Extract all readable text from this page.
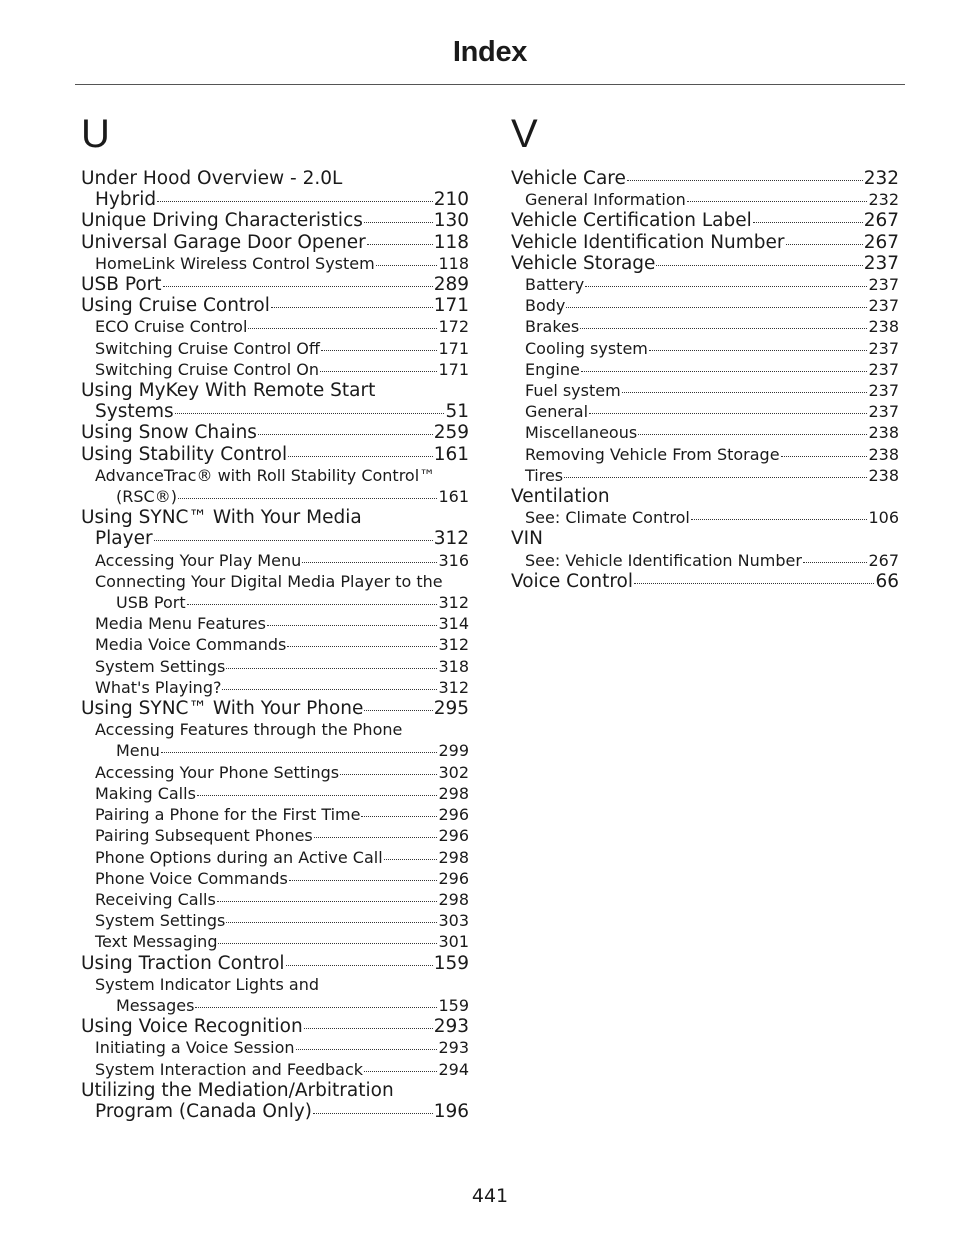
Index
U	V
Under Hood Overview - 2.0L
Hybrid	210
Unique Driving Characteristics	130
Universal Garage Door Opener	118
HomeLink Wireless Control System	118
USB Port	289
Using Cruise Control	171
ECO Cruise Control	172
Switching Cruise Control Off	171
Switching Cruise Control On	171
Using MyKey With Remote Start
Systems	51
Using Snow Chains	259
Using Stability Control	161
AdvanceTrac® with Roll Stability Control™
(RSC®)	161
Using SYNC™ With Your Media
Player	312
Accessing Your Play Menu	316
Connecting Your Digital Media Player to the
USB Port	312
Media Menu Features	314
Media Voice Commands	312
System Settings	318
What's Playing?	312
Using SYNC™ With Your Phone	295
Accessing Features through the Phone
Menu	299
Accessing Your Phone Settings	302
Making Calls	298
Pairing a Phone for the First Time	296
Pairing Subsequent Phones	296
Phone Options during an Active Call	298
Phone Voice Commands	296
Receiving Calls	298
System Settings	303
Text Messaging	301
Using Traction Control	159
System Indicator Lights and
Messages	159
Using Voice Recognition	293
Initiating a Voice Session	293
System Interaction and Feedback	294
Utilizing the Mediation/Arbitration
Program (Canada Only)	196
Vehicle Care	232
General Information	232
Vehicle Certification Label	267
Vehicle Identification Number	267
Vehicle Storage	237
Battery	237
Body	237
Brakes	238
Cooling system	237
Engine	237
Fuel system	237
General	237
Miscellaneous	238
Removing Vehicle From Storage	238
Tires	238
Ventilation
See: Climate Control	106
VIN
See: Vehicle Identification Number	267
Voice Control	66
441
